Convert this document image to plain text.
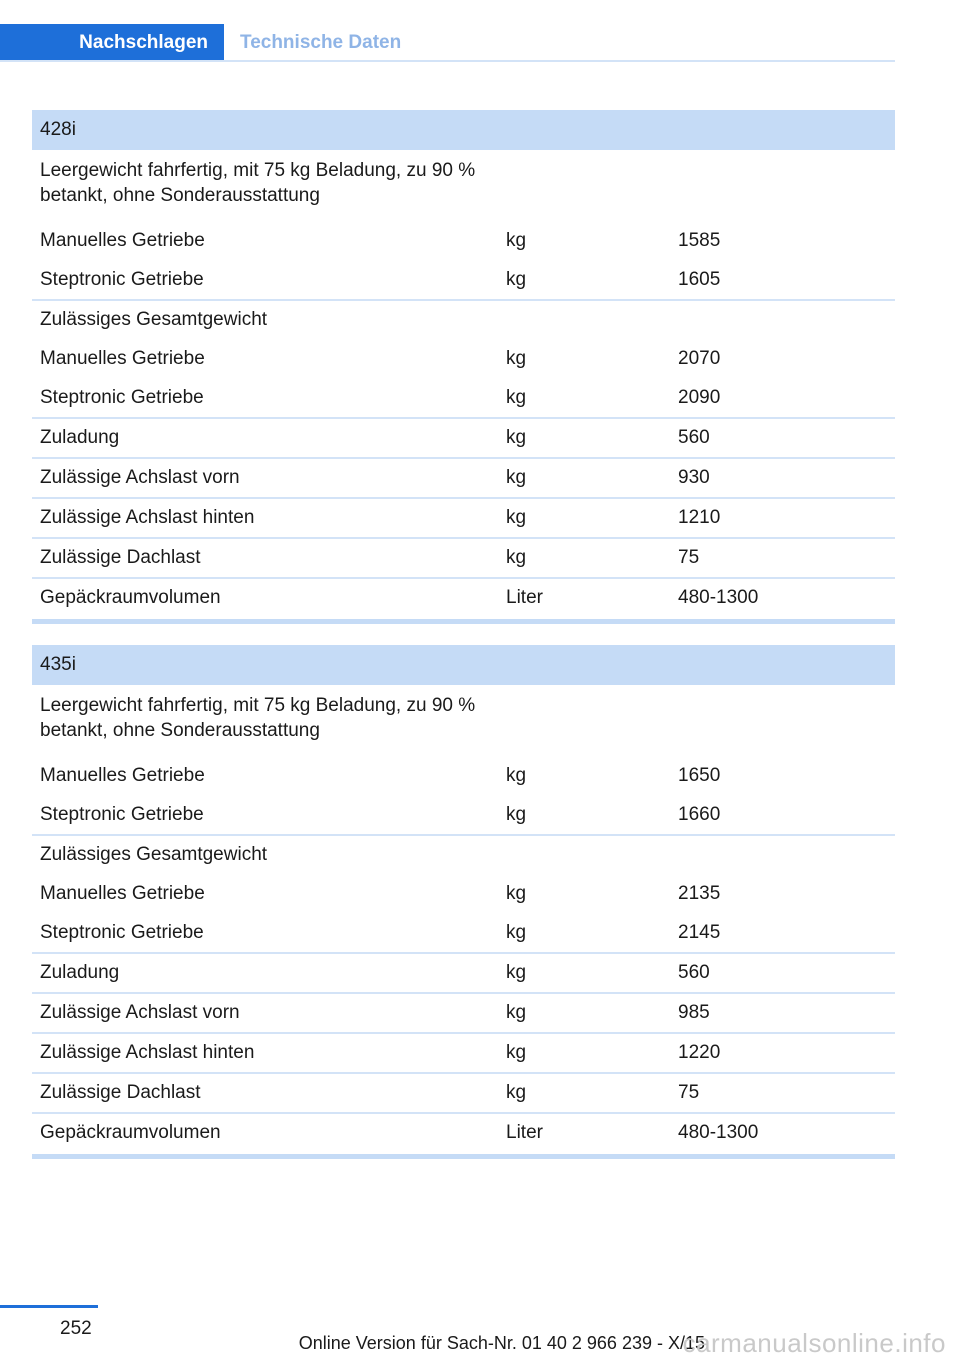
Nachschlagen	Technische Daten
428i
Leergewicht fahrfertig, mit 75 kg Beladung, zu 90 % betankt, ohne Sonderausstattung
Manuelles Getriebe	kg	1585
Steptronic Getriebe	kg	1605
Zulässiges Gesamtgewicht
Manuelles Getriebe	kg	2070
Steptronic Getriebe	kg	2090
Zuladung	kg	560
Zulässige Achslast vorn	kg	930
Zulässige Achslast hinten	kg	1210
Zulässige Dachlast	kg	75
Gepäckraumvolumen	Liter	480-1300
435i
Leergewicht fahrfertig, mit 75 kg Beladung, zu 90 % betankt, ohne Sonderausstattung
Manuelles Getriebe	kg	1650
Steptronic Getriebe	kg	1660
Zulässiges Gesamtgewicht
Manuelles Getriebe	kg	2135
Steptronic Getriebe	kg	2145
Zuladung	kg	560
Zulässige Achslast vorn	kg	985
Zulässige Achslast hinten	kg	1220
Zulässige Dachlast	kg	75
Gepäckraumvolumen	Liter	480-1300
252
Online Version für Sach-Nr. 01 40 2 966 239 - X/15
carmanualsonline.info
